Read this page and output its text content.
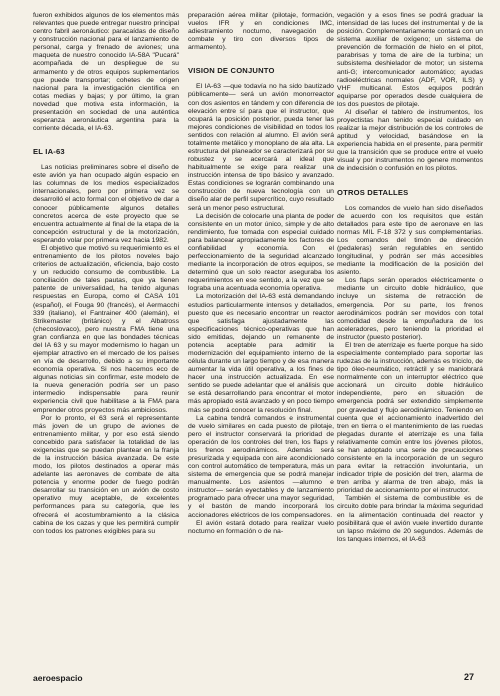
fueron exhibidos algunos de los elementos más relevantes que puede entregar nuestro principal centro fabril aeronáutico: paracaídas de diseño y construcción nacional para el lanzamiento de personal, carga y frenado de aviones; una maqueta de nuestro conocido IA-58A "Pucará" acompañada de un despliegue de su armamento y de otros equipos suplementarios que puede transportar; cohetes de origen nacional para la investigación científica en cotas medias y bajas; y por último, la gran novedad que motiva esta información, la presentación en sociedad de una auténtica esperanza aeronáutica argentina para la corriente década, el IA-63.

EL IA-63

Las noticias preliminares sobre el diseño de este avión ya han ocupado algún espacio en las columnas de los medios especializados internacionales, pero por primera vez se desarrolló el acto formal con el objetivo de dar a conocer públicamente algunos detalles concretos acerca de este proyecto que se encuentra actualmente al final de la etapa de la concepción estructural y de la motorización, esperando volar por primera vez hacia 1982.

El objetivo que motivó su requerimiento es el entrenamiento de los pilotos noveles bajo criterios de actualización, eficiencia, bajo costo y un reducido consumo de combustible. La conciliación de tales pautas, que ya tienen patente de universalidad, ha tenido algunas respuestas en Europa, como el CASA 101 (español), el Fouga 90 (francés), el Aermacchi 339 (italiano), el Fantrainer 400 (alemán), el Strikemaster (británico) y el Albatross (checoslovaco), pero nuestra FMA tiene una gran confianza en que las bondades técnicas del IA 63 y su mayor modernismo lo hagan un ejemplar atractivo en el mercado de los países en vía de desarrollo, debido a su importante economía operativa. Si nos hacemos eco de algunas noticias sin confirmar, este modelo de la nueva generación podría ser un paso intermedio indispensable para reunir experiencia civil que habilitase a la FMA para emprender otros proyectos más ambiciosos.

Por lo pronto, el 63 será el representante más joven de un grupo de aviones de entrenamiento militar, y por eso está siendo concebido para satisfacer la totalidad de las exigencias que se puedan plantear en la franja de la instrucción básica avanzada. De este modo, los pilotos destinados a operar más adelante las aeronaves de combate de alta potencia y enorme poder de fuego podrán desarrollar su transición en un avión de costo operativo muy aceptable, de excelentes performances para su categoría, que les ofrecerá el acostumbramiento a la clásica cabina de los cazas y que les permitirá cumplir con todos los patrones exigibles para su

preparación aérea militar (pilotaje, formación, vuelos IFR y en condiciones IMC, adiestramiento nocturno, navegación de combate y tiro con diversos tipos de armamento).

VISION DE CONJUNTO

El IA-63 —que todavía no ha sido bautizado públicamente— será un avión monorreactor con dos asientos en tándem y con diferencia de elevación entre sí para que el instructor, que ocupará la posición posterior, pueda tener las mejores condiciones de visibilidad en todos los sentidos con relación al alumno. El avión será totalmente metálico y monoplano de ala alta. La estructura del planeador se caracterizará por su robustez y se acercará al ideal que habitualmente se exige para realizar una instrucción intensa de tipo básico y avanzado. Estas condiciones se lograrán combinando una construcción de nueva tecnología con un diseño alar de perfil supercrítico, cuyo resultado será un menor peso estructural.

La decisión de colocarle una planta de poder consistente en un motor único, simple y de alto rendimiento, fue tomada con especial cuidado para balancear apropiadamente los factores de confiabilidad y economía. Con el perfeccionamiento de la seguridad alcanzado mediante la incorporación de otros equipos, se determinó que un solo reactor aseguraba los requerimientos en ese sentido, a la vez que se lograba una acentuada economía operativa.

La motorización del IA-63 está demandando estudios particularmente intensos y detallados, puesto que es necesario encontrar un reactor que satisfaga ajustadamente las especificaciones técnico-operativas que han sido emitidas, dejando un remanente de potencia aceptable para admitir la modernización del equipamiento interno de la célula durante un largo tiempo y de esa manera aumentar la vida útil operativa, a los fines de hacer una instrucción actualizada. En ese sentido se puede adelantar que el análisis que se está desarrollando para encontrar el motor más apropiado está avanzado y en poco tiempo más se podrá conocer la resolución final.

La cabina tendrá comandos e instrumental de vuelo similares en cada puesto de pilotaje, pero el instructor conservará la prioridad de operación de los controles del tren, los flaps y los frenos aerodinámicos. Además será presurizada y equipada con aire acondicionado con control automático de temperatura, más un sistema de emergencia que se podrá manejar manualmente. Los asientos —alumno e instructor— serán eyectables y de lanzamiento programado para ofrecer una mayor seguridad, y el bastón de mando incorporará los accionadores eléctricos de los compensadores.

El avión estará dotado para realizar vuelo nocturno en formación o de na-

vegación y a esos fines se podrá graduar la intensidad de las luces del instrumental y de la posición. Complementariamente contará con un sistema auxiliar de oxígeno; un sistema de prevención de formación de hielo en el pitot, parabrisas y toma de aire de la turbina; un subsistema deshielador de motor; un sistema anti-G; intercomunicador automático; ayudas radioeléctricas normales (ADF, VOR, ILS) y VHF multicanal. Estos equipos podrán equiparse por operados desde cualquiera de los dos puestos de pilotaje.

Al diseñar el tablero de instrumentos, los proyectistas han tenido especial cuidado en realizar la mejor distribución de los controles de aptitud y velocidad, basándose en la experiencia habida en el presente, para permitir que la transición que se produce entre el vuelo visual y por instrumentos no genere momentos de indecisión o confusión en los pilotos.

OTROS DETALLES

Los comandos de vuelo han sido diseñados de acuerdo con los requisitos que están detallados para este tipo de aeronave en las normas MIL F-18 372 y sus complementarias. Los comandos del timón de dirección (pedaleras) serán regulables en sentido longitudinal, y podrán ser más accesibles mediante la modificación de la posición del asiento.

Los flaps serán operados eléctricamente o mediante un circuito doble hidráulico, que incluye un sistema de retracción de emergencia. Por su parte, los frenos aerodinámicos podrán ser movidos con total comodidad desde la empuñadura de los aceleradores, pero teniendo la prioridad el instructor (puesto posterior).

El tren de aterrizaje es fuerte porque ha sido especialmente contemplado para soportar las rudezas de la instrucción, además es triciclo, de tipo óleo-neumático, retráctil y se maniobrará normalmente con un interruptor eléctrico que accionará un circuito doble hidráulico independiente, pero en situación de emergencia podrá ser extendido simplemente por gravedad y flujo aerodinámico. Teniendo en cuenta que el accionamiento inadvertido del tren en tierra o el mantenimiento de las ruedas plegadas durante el aterrizaje es una falla relativamente común entre los jóvenes pilotos, se han adoptado una serie de precauciones consistente en la incorporación de un seguro para evitar la retracción involuntaria, un indicador triple de posición del tren, alarma de tren arriba y alarma de tren abajo, más la prioridad de accionamiento por el instructor.

También el sistema de combustible es de circuito doble para brindar la máxima seguridad en la alimentación continuada del reactor y posibilitará que el avión vuele invertido durante un lapso máximo de 20 segundos. Además de los tanques internos, el IA-63

aeroespacio	27
